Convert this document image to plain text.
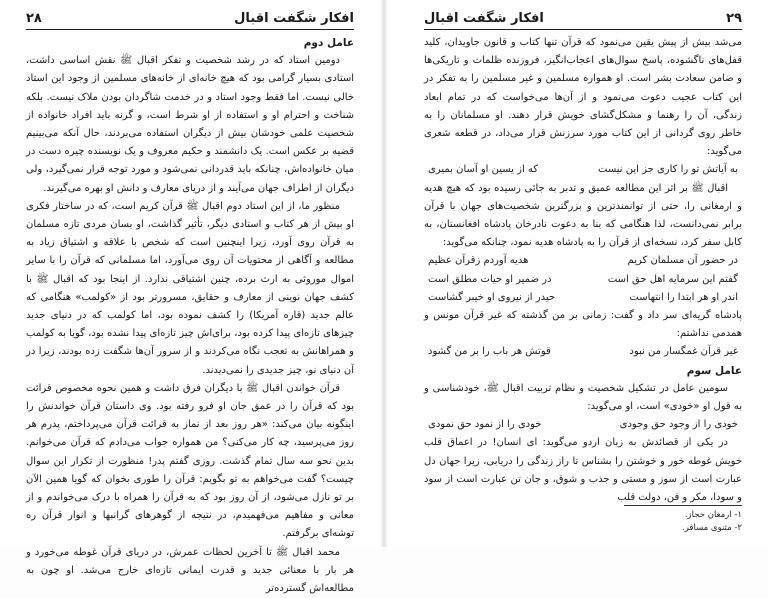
۲۸	افکار شگفت اقبال

عامل دوم

دومین استاد که در رشد شخصیت و تفکر اقبال ﷺ نقش اساسی داشت، استادی بسیار گرامی بود که هیچ خانه‌ای از خانه‌های مسلمین از وجود این استاد خالی نیست. اما فقط وجود استاد و در خدمت شاگردان بودن ملاک نیست. بلکه شناخت و احترام او و استفاده از او شرط است، و گرنه باید افراد خانواده از شخصیت علمی خودشان بیش از دیگران استفاده می‌بردند، حال آنکه می‌بینیم قضیه بر عکس است. یک دانشمند و حکیم معروف و یک نویسنده چیره دست در میان خانواده‌اش، چنانکه باید قدردانی نمی‌شود و مورد توجه قرار نمی‌گیرد، ولی دیگران از اطراف جهان می‌آیند و از دریای معارف و دانش او بهره می‌گیرند.

منظور ما، از این استاد دوم اقبال ﷺ قرآن کریم است، که در ساختار فکری او بیش از هر کتاب و استادی دیگر، تأثیر گذاشت، او بسان مردی تازه مسلمان به قرآن روی آورد، زیرا اینچنین است که شخص با علاقه و اشتیاق زیاد به مطالعه و آگاهی از محتویات آن روی می‌آورد، اما مسلمانی که قرآن را با سایر اموال موروثی به ارث برده، چنین اشتیاقی ندارد. از اینجا بود که اقبال ﷺ با کشف جهان نوینی از معارف و حقایق، مسرورتر بود از «کولمب» هنگامی که عالم جدید (قاره آمریکا) را کشف نموده بود، اما کولمب که در دنیای جدید چیزهای تازه‌ای پیدا کرده بود، برای‌اش چیز تازه‌ای پیدا نشده بود، گویا به کولمب و همراهانش به تعجب نگاه می‌کردند و از سرور آن‌ها شگفت زده بودند، زیرا در آن دنیای نو، چیز جدیدی را نمی‌دیدند.

قرآن خواندن اقبال ﷺ با دیگران فرق داشت و همین نحوه مخصوص قرائت بود که قرآن را در عمق جان او فرو رفته بود. وی داستان قرآن خواندنش را اینگونه بیان می‌کند: «هر روز بعد از نماز به قرائت قرآن می‌پرداختم، پدرم هر روز می‌پرسید، چه کار می‌کنی؟ من همواره جواب می‌دادم که قرآن می‌خوانم. بدین نحو سه سال تمام گذشت. روزی گفتم پدر! منظورت از تکرار این سوال چیست؟ گفت می‌خواهم به تو بگویم: قرآن را طوری بخوان که گویا همین الآن بر تو نازل می‌شود، از آن روز بود که به قرآن را همراه با درک می‌خواندم و از معانی و مفاهیم می‌فهمیدم، در نتیجه از گوهرهای گرانبها و انوار قرآن ره توشه‌ای برگرفتم.

محمد اقبال ﷺ تا آخرین لحظات عمرش، در دریای قرآن غوطه می‌خورد و هر بار با معنائی جدید و قدرت ایمانی تازه‌ای خارج می‌شد. او چون به مطالعه‌اش گسترده‌تر

افکار شگفت اقبال	۲۹

می‌شد بیش از پیش یقین می‌نمود که قرآن تنها کتاب و قانون جاویدان، کلید قفل‌های ناگشوده، پاسخ سوال‌های اعجاب‌انگیز، فروزنده ظلمات و تاریکی‌ها و ضامن سعادت بشر است. او همواره مسلمین و غیر مسلمین را به تفکر در این کتاب عجیب دعوت می‌نمود و از آن‌ها می‌خواست که در تمام ابعاد زندگی، آن را رهنما و مشکل‌گشای خویش قرار دهند. او مسلمانان را به خاطر روی گردانی از این کتاب مورد سرزنش قرار می‌داد، در قطعه شعری می‌گوید:

به آیاتش تو را کاری جز این نیست
که از یسین او آسان بمیری

اقبال ﷺ بر اثر این مطالعه عمیق و تدبر به جائی رسیده بود که هیچ هدیه و ارمغانی را، حتی از توانمندترین و بزرگترین شخصیت‌های جهان با قرآن برابر نمی‌دانست، لذا هنگامی که بنا به دعوت نادرخان پادشاه افغانستان، به کابل سفر کرد، نسخه‌ای از قرآن را به پادشاه هدیه نمود، چنانکه می‌گوید:

در حضور آن مسلمان کریم
هدیه آوردم زقرآن عظیم
گفتم این سرمایه اهل حق است
در ضمیر او حیات مطلق است
اندر او هر ابتدا را انتهاست
حیدر از نیروی او خیبر گشاست

پادشاه گریه‌ای سر داد و گفت: زمانی بر من گذشته که غیر قرآن مونس و همدمی نداشتم:

غیر قرآن غمگسار من نبود
قوتش هر باب را بر من گشود

عامل سوم

سومین عامل در تشکیل شخصیت و نظام تربیت اقبال ﷺ، خودشناسی و به قول او «خودی» است، او می‌گوید:

خودی را از وجود حق وجودی
خودی را از نمود حق نمودی

در یکی از قصائدش به زبان اردو می‌گوید: ای انسان! در اعماق قلب خویش غوطه خور و خوشتن را بشناس تا راز زندگی را دریابی، زیرا جهان دل عبارت است از سوز و مستی و جذب و شوق، و جان تن عبارت است از سود و سودا، مکر و فن، دولت قلب

۱- ارمغان حجاز.
۲- مثنوی مسافر.
